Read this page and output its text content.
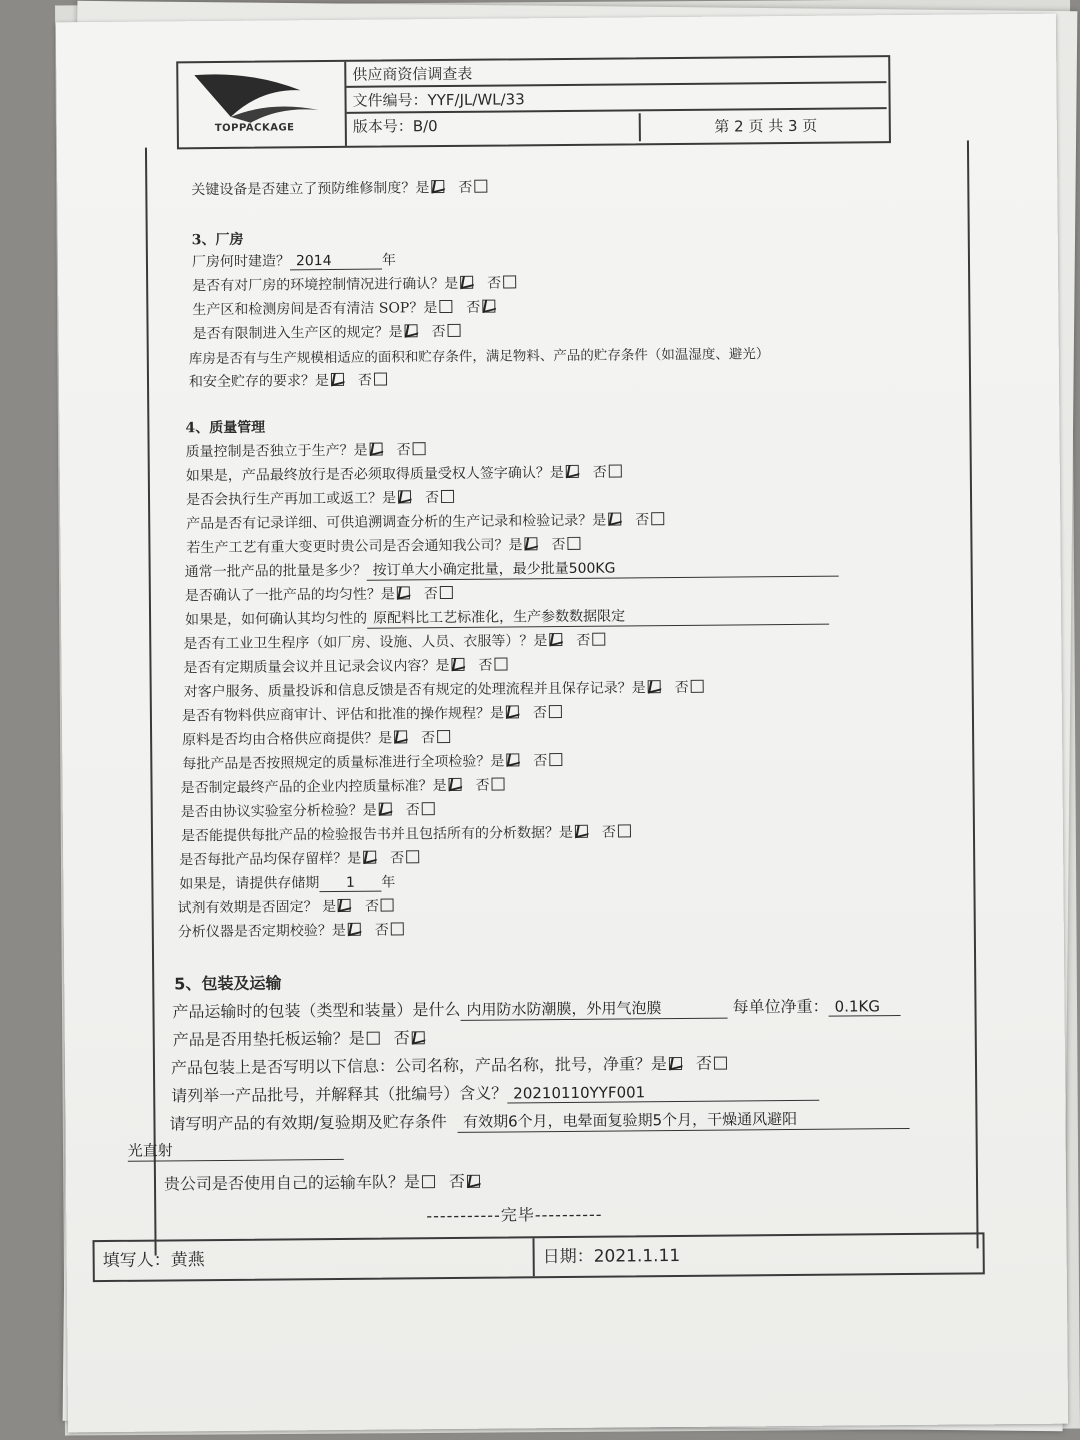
TOPPACKAGE
供应商资信调查表
文件编号：YYF/JL/WL/33
版本号：B/0	第 2 页 共 3 页
关键设备是否建立了预防维修制度？是 否
3、厂房
厂房何时建造？ 2014	年
是否有对厂房的环境控制情况进行确认？是 否
生产区和检测房间是否有清洁 SOP？是 否
是否有限制进入生产区的规定？是 否
库房是否有与生产规模相适应的面积和贮存条件，满足物料、产品的贮存条件（如温湿度、避光）
和安全贮存的要求？是 否
4、质量管理
质量控制是否独立于生产？是 否
如果是，产品最终放行是否必须取得质量受权人签字确认？是 否
是否会执行生产再加工或返工？是 否
产品是否有记录详细、可供追溯调查分析的生产记录和检验记录？是 否
若生产工艺有重大变更时贵公司是否会通知我公司？是 否
通常一批产品的批量是多少？ 按订单大小确定批量，最少批量500KG
是否确认了一批产品的均匀性？是 否
如果是，如何确认其均匀性的 原配料比工艺标准化，生产参数数据限定
是否有工业卫生程序（如厂房、设施、人员、衣服等）？是 否
是否有定期质量会议并且记录会议内容？是 否
对客户服务、质量投诉和信息反馈是否有规定的处理流程并且保存记录？是 否
是否有物料供应商审计、评估和批准的操作规程？是 否
原料是否均由合格供应商提供？是 否
每批产品是否按照规定的质量标准进行全项检验？是 否
是否制定最终产品的企业内控质量标准？是 否
是否由协议实验室分析检验？是 否
是否能提供每批产品的检验报告书并且包括所有的分析数据？是 否
是否每批产品均保存留样？是 否
如果是，请提供存储期 1 年
试剂有效期是否固定？ 是 否
分析仪器是否定期校验？是 否
5、包装及运输
产品运输时的包装（类型和装量）是什么 内用防水防潮膜，外用气泡膜	每单位净重： 0.1KG
产品是否用垫托板运输？是 否
产品包装上是否写明以下信息：公司名称，产品名称，批号，净重？是 否
请列举一产品批号，并解释其（批编号）含义？ 20210110YYF001
请写明产品的有效期/复验期及贮存条件 有效期6个月，电晕面复验期5个月，干燥通风避阳
光直射
贵公司是否使用自己的运输车队？是 否
-----------完毕----------
填写人：黄燕	日期：2021.1.11
